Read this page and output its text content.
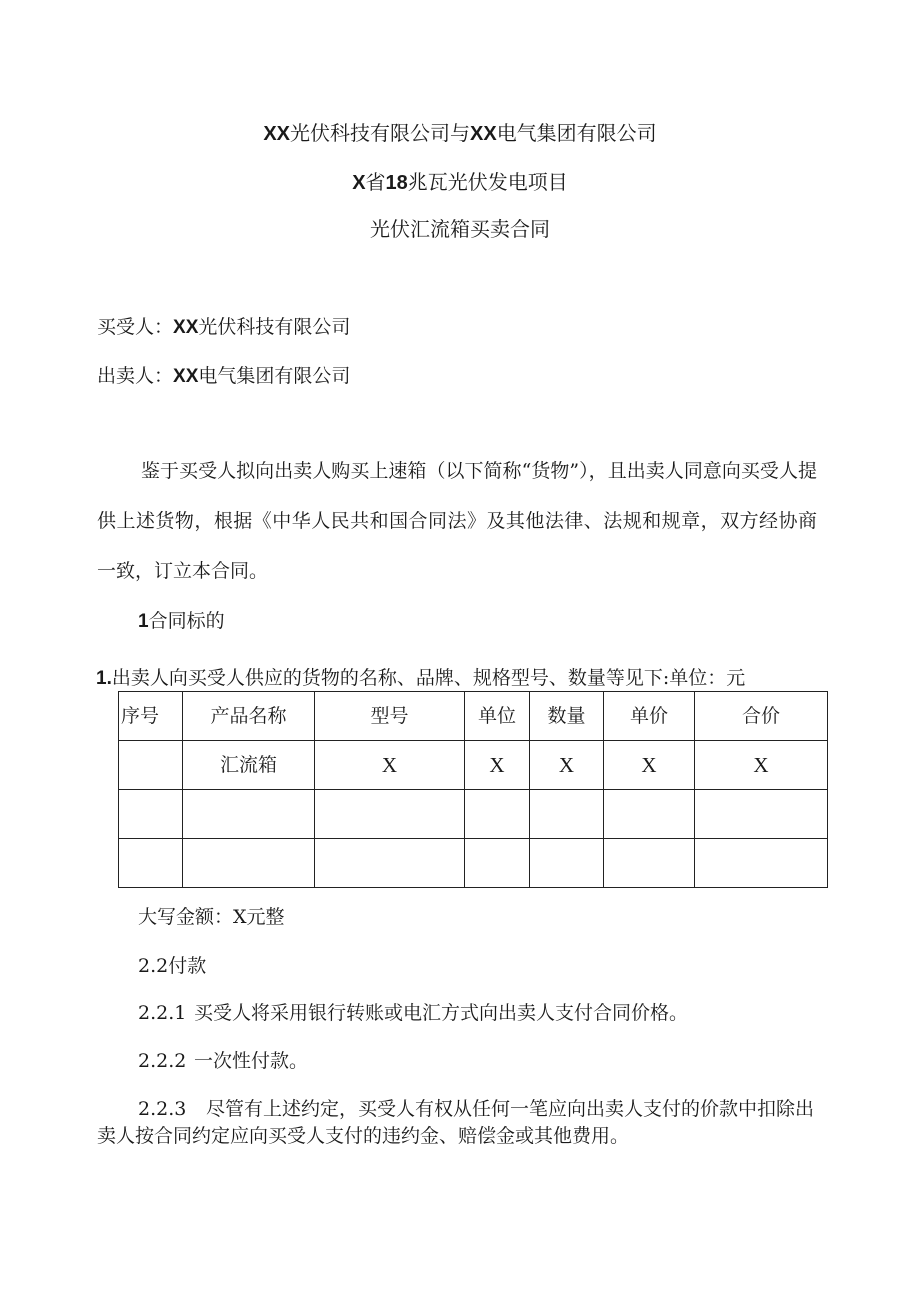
XX光伏科技有限公司与XX电气集团有限公司
X省18兆瓦光伏发电项目
光伏汇流箱买卖合同
买受人：XX光伏科技有限公司
出卖人：XX电气集团有限公司
鉴于买受人拟向出卖人购买上速箱（以下简称“货物”），且出卖人同意向买受人提供上述货物，根据《中华人民共和国合同法》及其他法律、法规和规章，双方经协商一致，订立本合同。
1合同标的
1.出卖人向买受人供应的货物的名称、品牌、规格型号、数量等见下:单位：元
序号	产品名称	型号	单位	数量	单价	合价
	汇流箱	X	X	X	X	X

大写金额：X元整
2.2付款
2.2.1 买受人将采用银行转账或电汇方式向出卖人支付合同价格。
2.2.2 一次性付款。
2.2.3 尽管有上述约定，买受人有权从任何一笔应向出卖人支付的价款中扣除出
卖人按合同约定应向买受人支付的违约金、赔偿金或其他费用。
